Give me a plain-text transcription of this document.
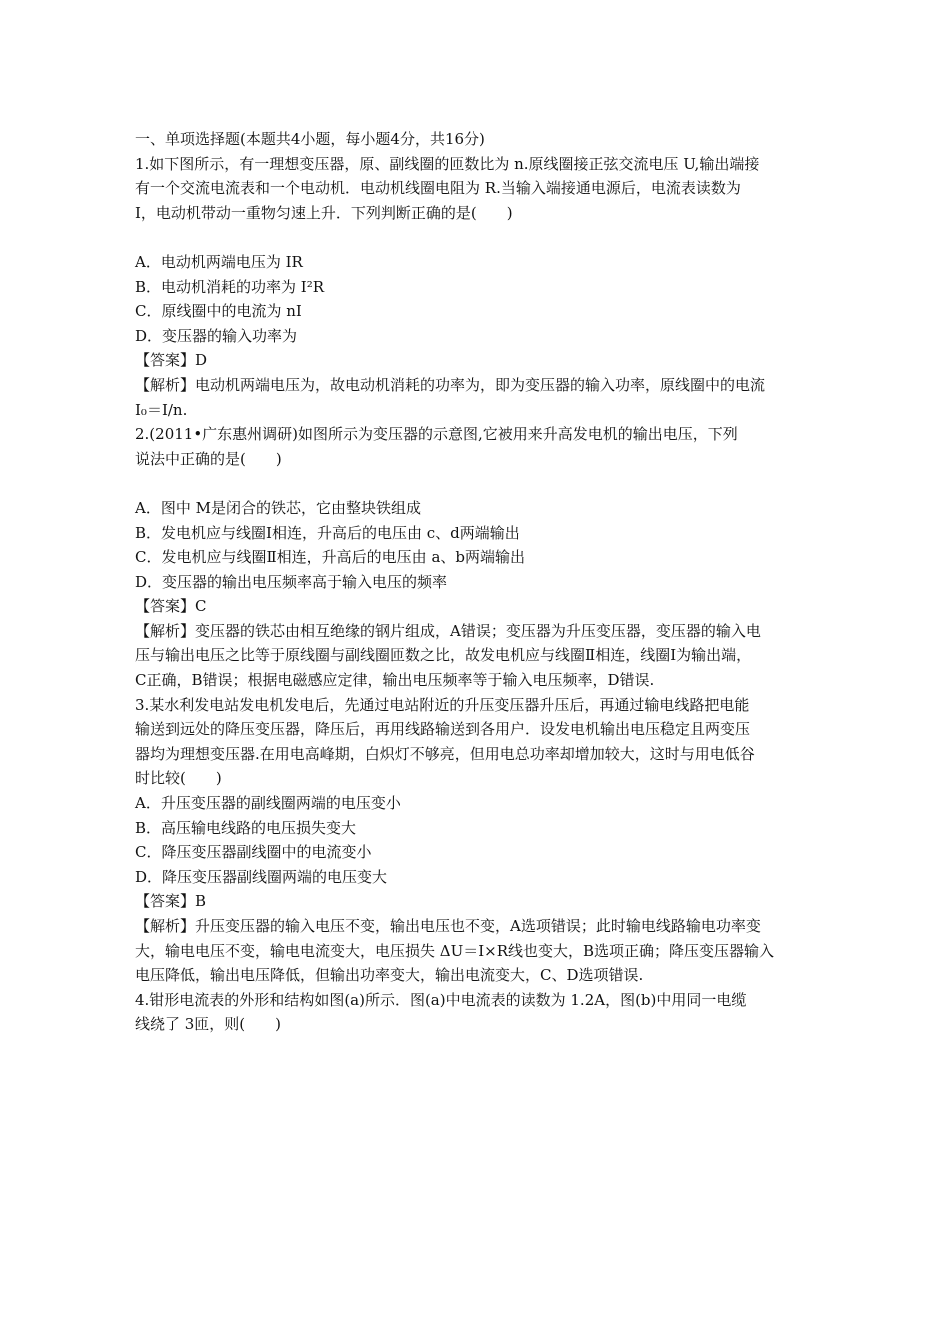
一、单项选择题(本题共4小题，每小题4分，共16分)
1.如下图所示，有一理想变压器，原、副线圈的匝数比为 n.原线圈接正弦交流电压 U,输出端接
有一个交流电流表和一个电动机．电动机线圈电阻为 R.当输入端接通电源后，电流表读数为
I，电动机带动一重物匀速上升．下列判断正确的是(　　)
A．电动机两端电压为 IR
B．电动机消耗的功率为 I²R
C．原线圈中的电流为 nI
D．变压器的输入功率为
【答案】D
【解析】电动机两端电压为，故电动机消耗的功率为，即为变压器的输入功率，原线圈中的电流
I₀＝I/n.
2.(2011•广东惠州调研)如图所示为变压器的示意图,它被用来升高发电机的输出电压，下列
说法中正确的是(　　)
A．图中 M是闭合的铁芯，它由整块铁组成
B．发电机应与线圈Ⅰ相连，升高后的电压由 c、d两端输出
C．发电机应与线圈Ⅱ相连，升高后的电压由 a、b两端输出
D．变压器的输出电压频率高于输入电压的频率
【答案】C
【解析】变压器的铁芯由相互绝缘的钢片组成，A错误；变压器为升压变压器，变压器的输入电
压与输出电压之比等于原线圈与副线圈匝数之比，故发电机应与线圈Ⅱ相连，线圈Ⅰ为输出端，
C正确，B错误；根据电磁感应定律，输出电压频率等于输入电压频率，D错误.
3.某水利发电站发电机发电后，先通过电站附近的升压变压器升压后，再通过输电线路把电能
输送到远处的降压变压器，降压后，再用线路输送到各用户．设发电机输出电压稳定且两变压
器均为理想变压器.在用电高峰期，白炽灯不够亮，但用电总功率却增加较大，这时与用电低谷
时比较(　　)
A．升压变压器的副线圈两端的电压变小
B．高压输电线路的电压损失变大
C．降压变压器副线圈中的电流变小
D．降压变压器副线圈两端的电压变大
【答案】B
【解析】升压变压器的输入电压不变，输出电压也不变，A选项错误；此时输电线路输电功率变
大，输电电压不变，输电电流变大，电压损失 ΔU＝I×R线也变大，B选项正确；降压变压器输入
电压降低，输出电压降低，但输出功率变大，输出电流变大，C、D选项错误.
4.钳形电流表的外形和结构如图(a)所示．图(a)中电流表的读数为 1.2A，图(b)中用同一电缆
线绕了 3匝，则(　　)
